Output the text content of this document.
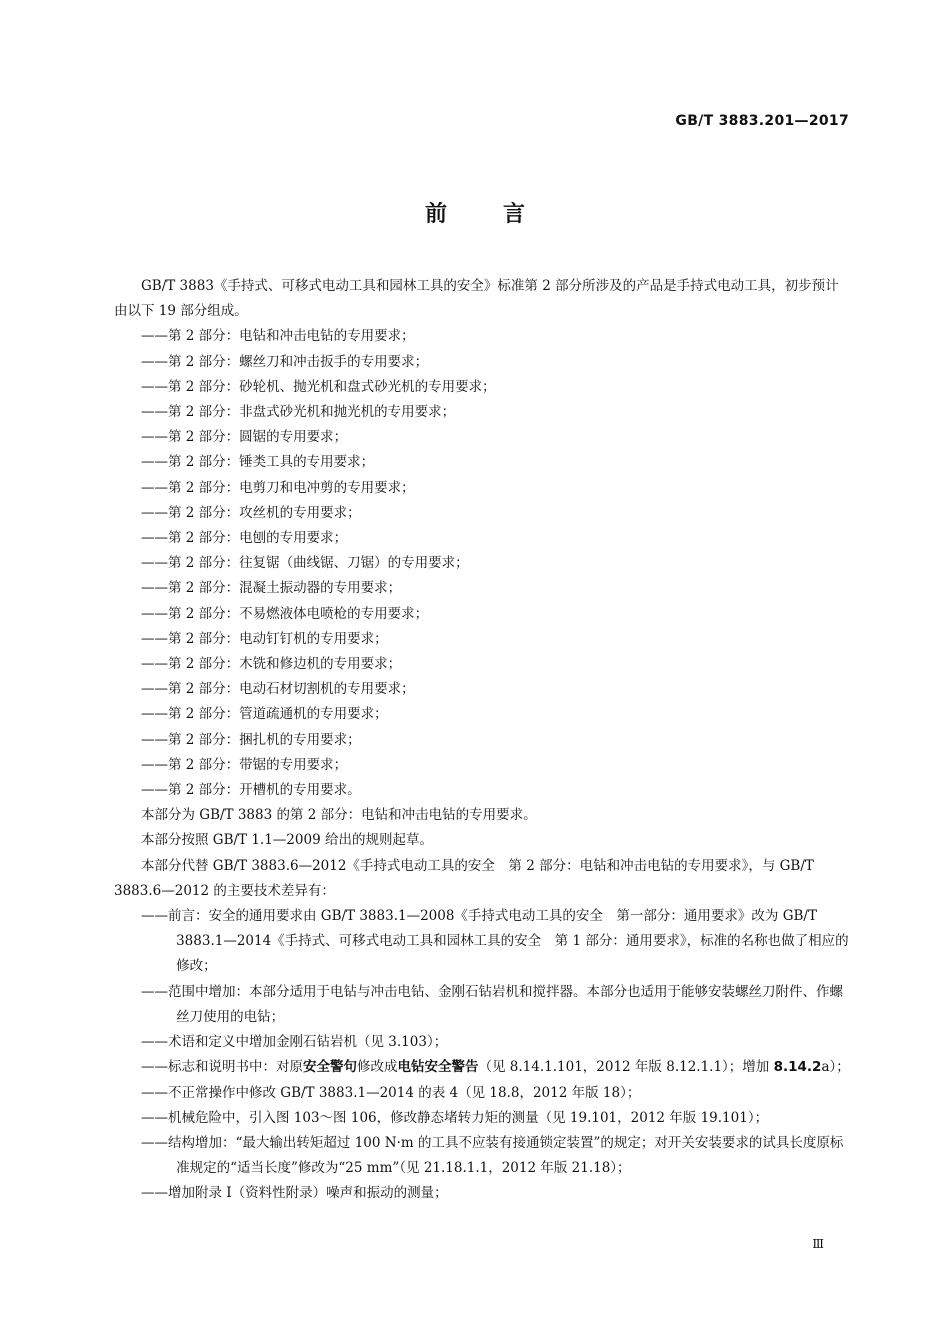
GB/T 3883.201—2017
前言

GB/T 3883《手持式、可移式电动工具和园林工具的安全》标准第 2 部分所涉及的产品是手持式电动工具，初步预计由以下 19 部分组成。

——第 2 部分：电钻和冲击电钻的专用要求；

——第 2 部分：螺丝刀和冲击扳手的专用要求；

——第 2 部分：砂轮机、抛光机和盘式砂光机的专用要求；

——第 2 部分：非盘式砂光机和抛光机的专用要求；

——第 2 部分：圆锯的专用要求；

——第 2 部分：锤类工具的专用要求；

——第 2 部分：电剪刀和电冲剪的专用要求；

——第 2 部分：攻丝机的专用要求；

——第 2 部分：电刨的专用要求；

——第 2 部分：往复锯（曲线锯、刀锯）的专用要求；

——第 2 部分：混凝土振动器的专用要求；

——第 2 部分：不易燃液体电喷枪的专用要求；

——第 2 部分：电动钉钉机的专用要求；

——第 2 部分：木铣和修边机的专用要求；

——第 2 部分：电动石材切割机的专用要求；

——第 2 部分：管道疏通机的专用要求；

——第 2 部分：捆扎机的专用要求；

——第 2 部分：带锯的专用要求；

——第 2 部分：开槽机的专用要求。

本部分为 GB/T 3883 的第 2 部分：电钻和冲击电钻的专用要求。

本部分按照 GB/T 1.1—2009 给出的规则起草。

本部分代替 GB/T 3883.6—2012《手持式电动工具的安全　第 2 部分：电钻和冲击电钻的专用要求》，与 GB/T 3883.6—2012 的主要技术差异有：

——前言：安全的通用要求由 GB/T 3883.1—2008《手持式电动工具的安全　第一部分：通用要求》改为 GB/T 3883.1—2014《手持式、可移式电动工具和园林工具的安全　第 1 部分：通用要求》，标准的名称也做了相应的修改；

——范围中增加：本部分适用于电钻与冲击电钻、金刚石钻岩机和搅拌器。本部分也适用于能够安装螺丝刀附件、作螺丝刀使用的电钻；

——术语和定义中增加金刚石钻岩机（见 3.103）；

——标志和说明书中：对原安全警句修改成电钻安全警告（见 8.14.1.101，2012 年版 8.12.1.1）；增加 8.14.2a）；

——不正常操作中修改 GB/T 3883.1—2014 的表 4（见 18.8，2012 年版 18）；

——机械危险中，引入图 103～图 106，修改静态堵转力矩的测量（见 19.101，2012 年版 19.101）；

——结构增加：“最大输出转矩超过 100 N·m 的工具不应装有接通锁定装置”的规定；对开关安装要求的试具长度原标准规定的“适当长度”修改为“25 mm”（见 21.18.1.1，2012 年版 21.18）；

——增加附录 I（资料性附录）噪声和振动的测量；

Ⅲ
